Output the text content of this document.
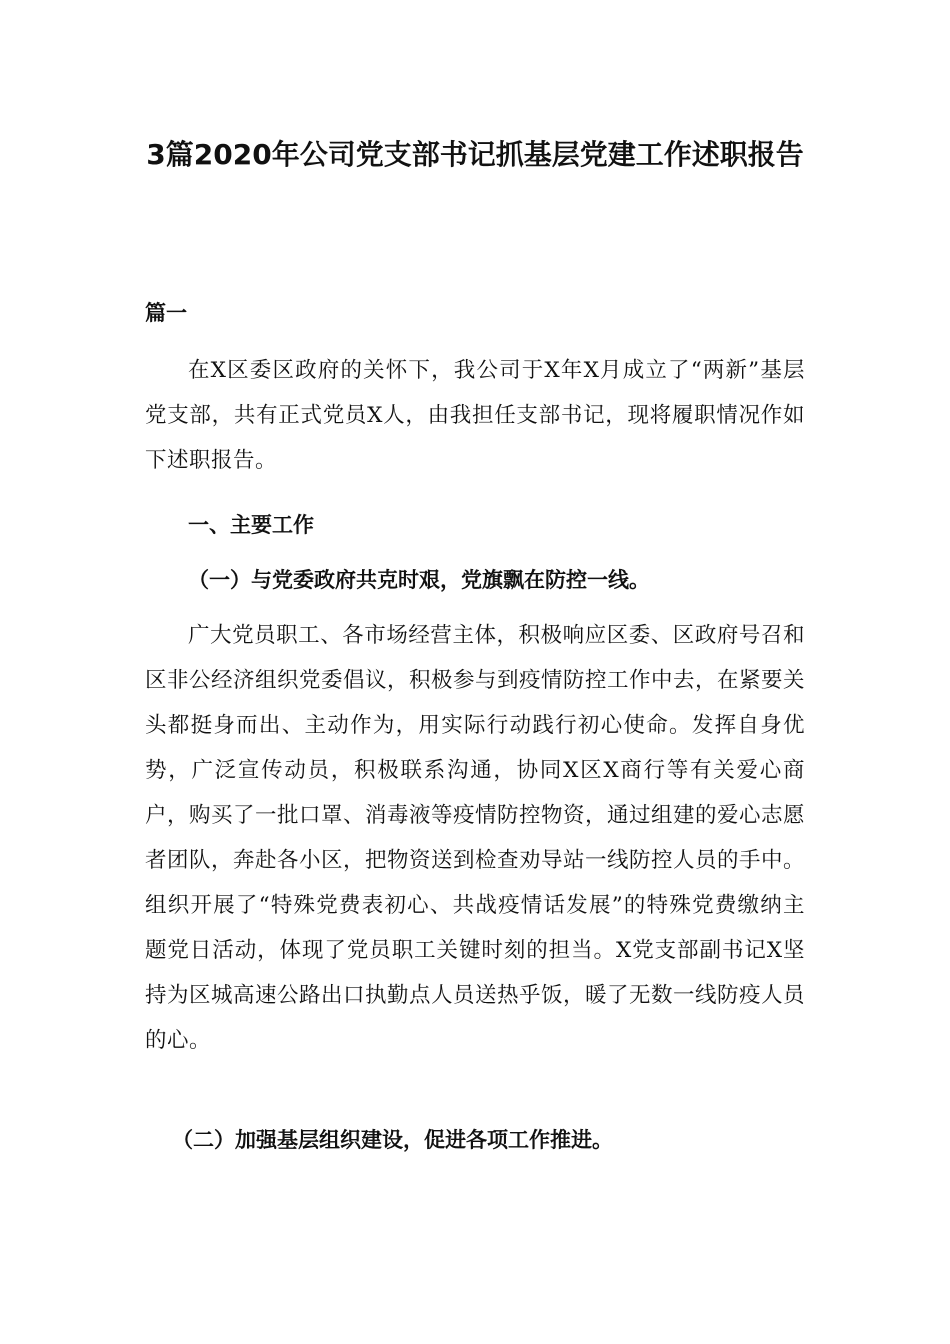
3篇2020年公司党支部书记抓基层党建工作述职报告
篇一

在X区委区政府的关怀下，我公司于X年X月成立了“两新”基层党支部，共有正式党员X人，由我担任支部书记，现将履职情况作如下述职报告。

一、主要工作
（一）与党委政府共克时艰，党旗飘在防控一线。

广大党员职工、各市场经营主体，积极响应区委、区政府号召和区非公经济组织党委倡议，积极参与到疫情防控工作中去，在紧要关头都挺身而出、主动作为，用实际行动践行初心使命。发挥自身优势，广泛宣传动员，积极联系沟通，协同X区X商行等有关爱心商户，购买了一批口罩、消毒液等疫情防控物资，通过组建的爱心志愿者团队，奔赴各小区，把物资送到检查劝导站一线防控人员的手中。组织开展了“特殊党费表初心、共战疫情话发展”的特殊党费缴纳主题党日活动，体现了党员职工关键时刻的担当。X党支部副书记X坚持为区城高速公路出口执勤点人员送热乎饭，暖了无数一线防疫人员的心。

（二）加强基层组织建设，促进各项工作推进。
